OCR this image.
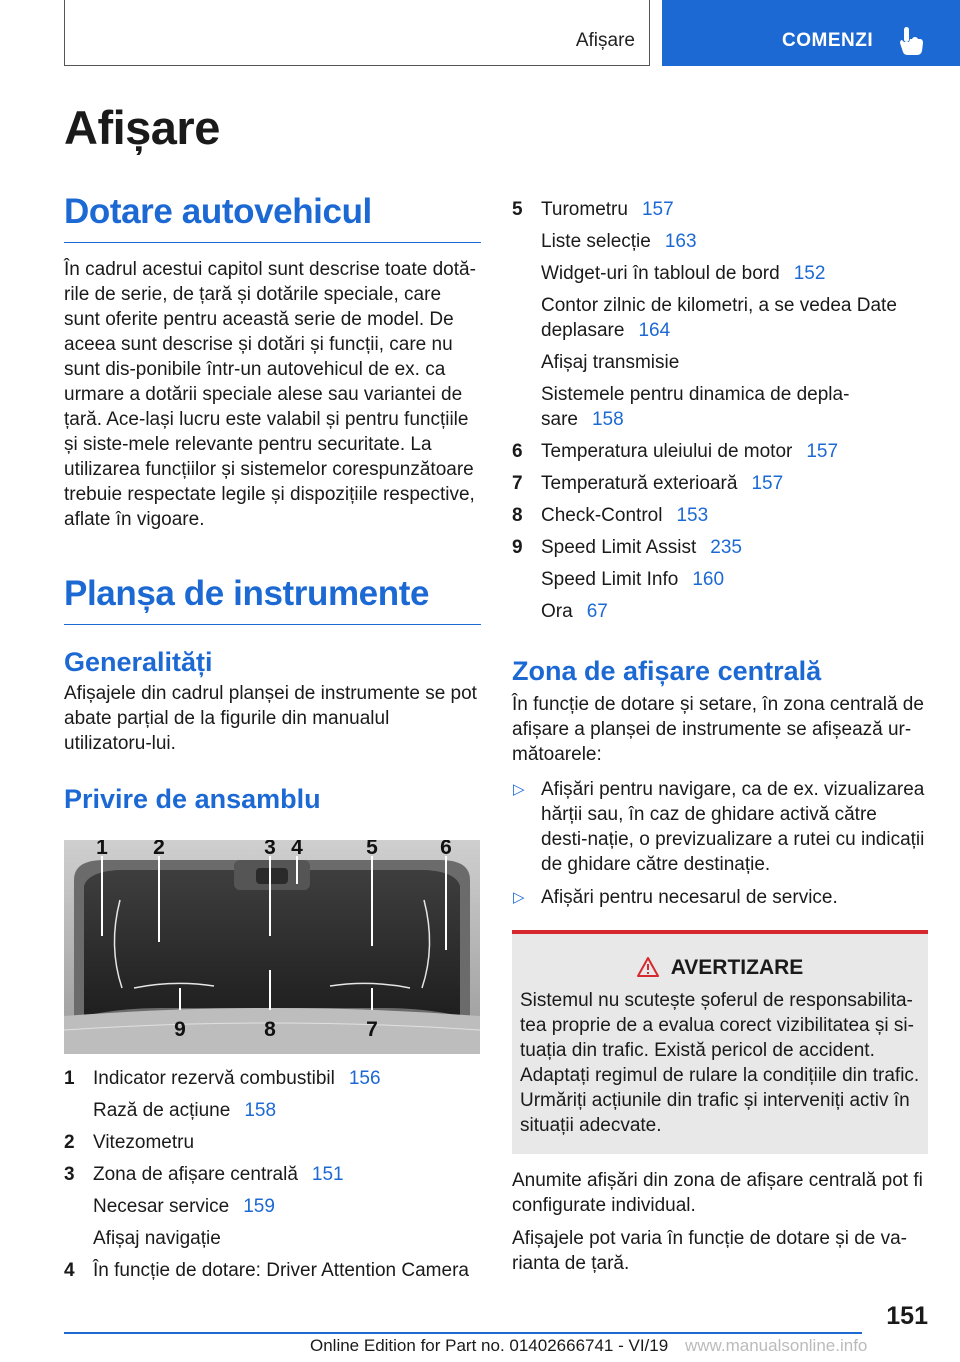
Afișare	COMENZI
Afișare
Dotare autovehicul
În cadrul acestui capitol sunt descrise toate dotă-rile de serie, de țară și dotările speciale, care sunt oferite pentru această serie de model. De aceea sunt descrise și dotări și funcții, care nu sunt dis-ponibile într-un autovehicul de ex. ca urmare a dotării speciale alese sau variantei de țară. Ace-lași lucru este valabil și pentru funcțiile și siste-mele relevante pentru securitate. La utilizarea funcțiilor și sistemelor corespunzătoare trebuie respectate legile și dispozițiile respective, aflate în vigoare.
Planșa de instrumente
Generalități
Afișajele din cadrul planșei de instrumente se pot abate parțial de la figurile din manualul utilizatoru-lui.
Privire de ansamblu
1 2	3 4	5	6
7
8
9
1 Indicator rezervă combustibil 156
Rază de acțiune 158
2 Vitezometru
3 Zona de afișare centrală 151
Necesar service 159
Afișaj navigație
4 În funcție de dotare: Driver Attention Camera
5 Turometru 157
Liste selecție 163
Widget-uri în tabloul de bord 152
Contor zilnic de kilometri, a se vedea Date deplasare 164
Afișaj transmisie
Sistemele pentru dinamica de depla-sare 158
6 Temperatura uleiului de motor 157
7 Temperatură exterioară 157
8 Check-Control 153
9 Speed Limit Assist 235
Speed Limit Info 160
Ora 67
Zona de afișare centrală
În funcție de dotare și setare, în zona centrală de afișare a planșei de instrumente se afișează ur-mătoarele:
▷ Afișări pentru navigare, ca de ex. vizualizarea hărții sau, în caz de ghidare activă către desti-nație, o previzualizare a rutei cu indicații de ghidare către destinație.
▷ Afișări pentru necesarul de service.
AVERTIZARE
Sistemul nu scutește șoferul de responsabilita-tea proprie de a evalua corect vizibilitatea și si-tuația din trafic. Există pericol de accident. Adaptați regimul de rulare la condițiile din trafic. Urmăriți acțiunile din trafic și interveniți activ în situații adecvate.
Anumite afișări din zona de afișare centrală pot fi configurate individual.
Afișajele pot varia în funcție de dotare și de va-rianta de țară.
151
Online Edition for Part no. 01402666741 - VI/19 www.manualsonline.info
